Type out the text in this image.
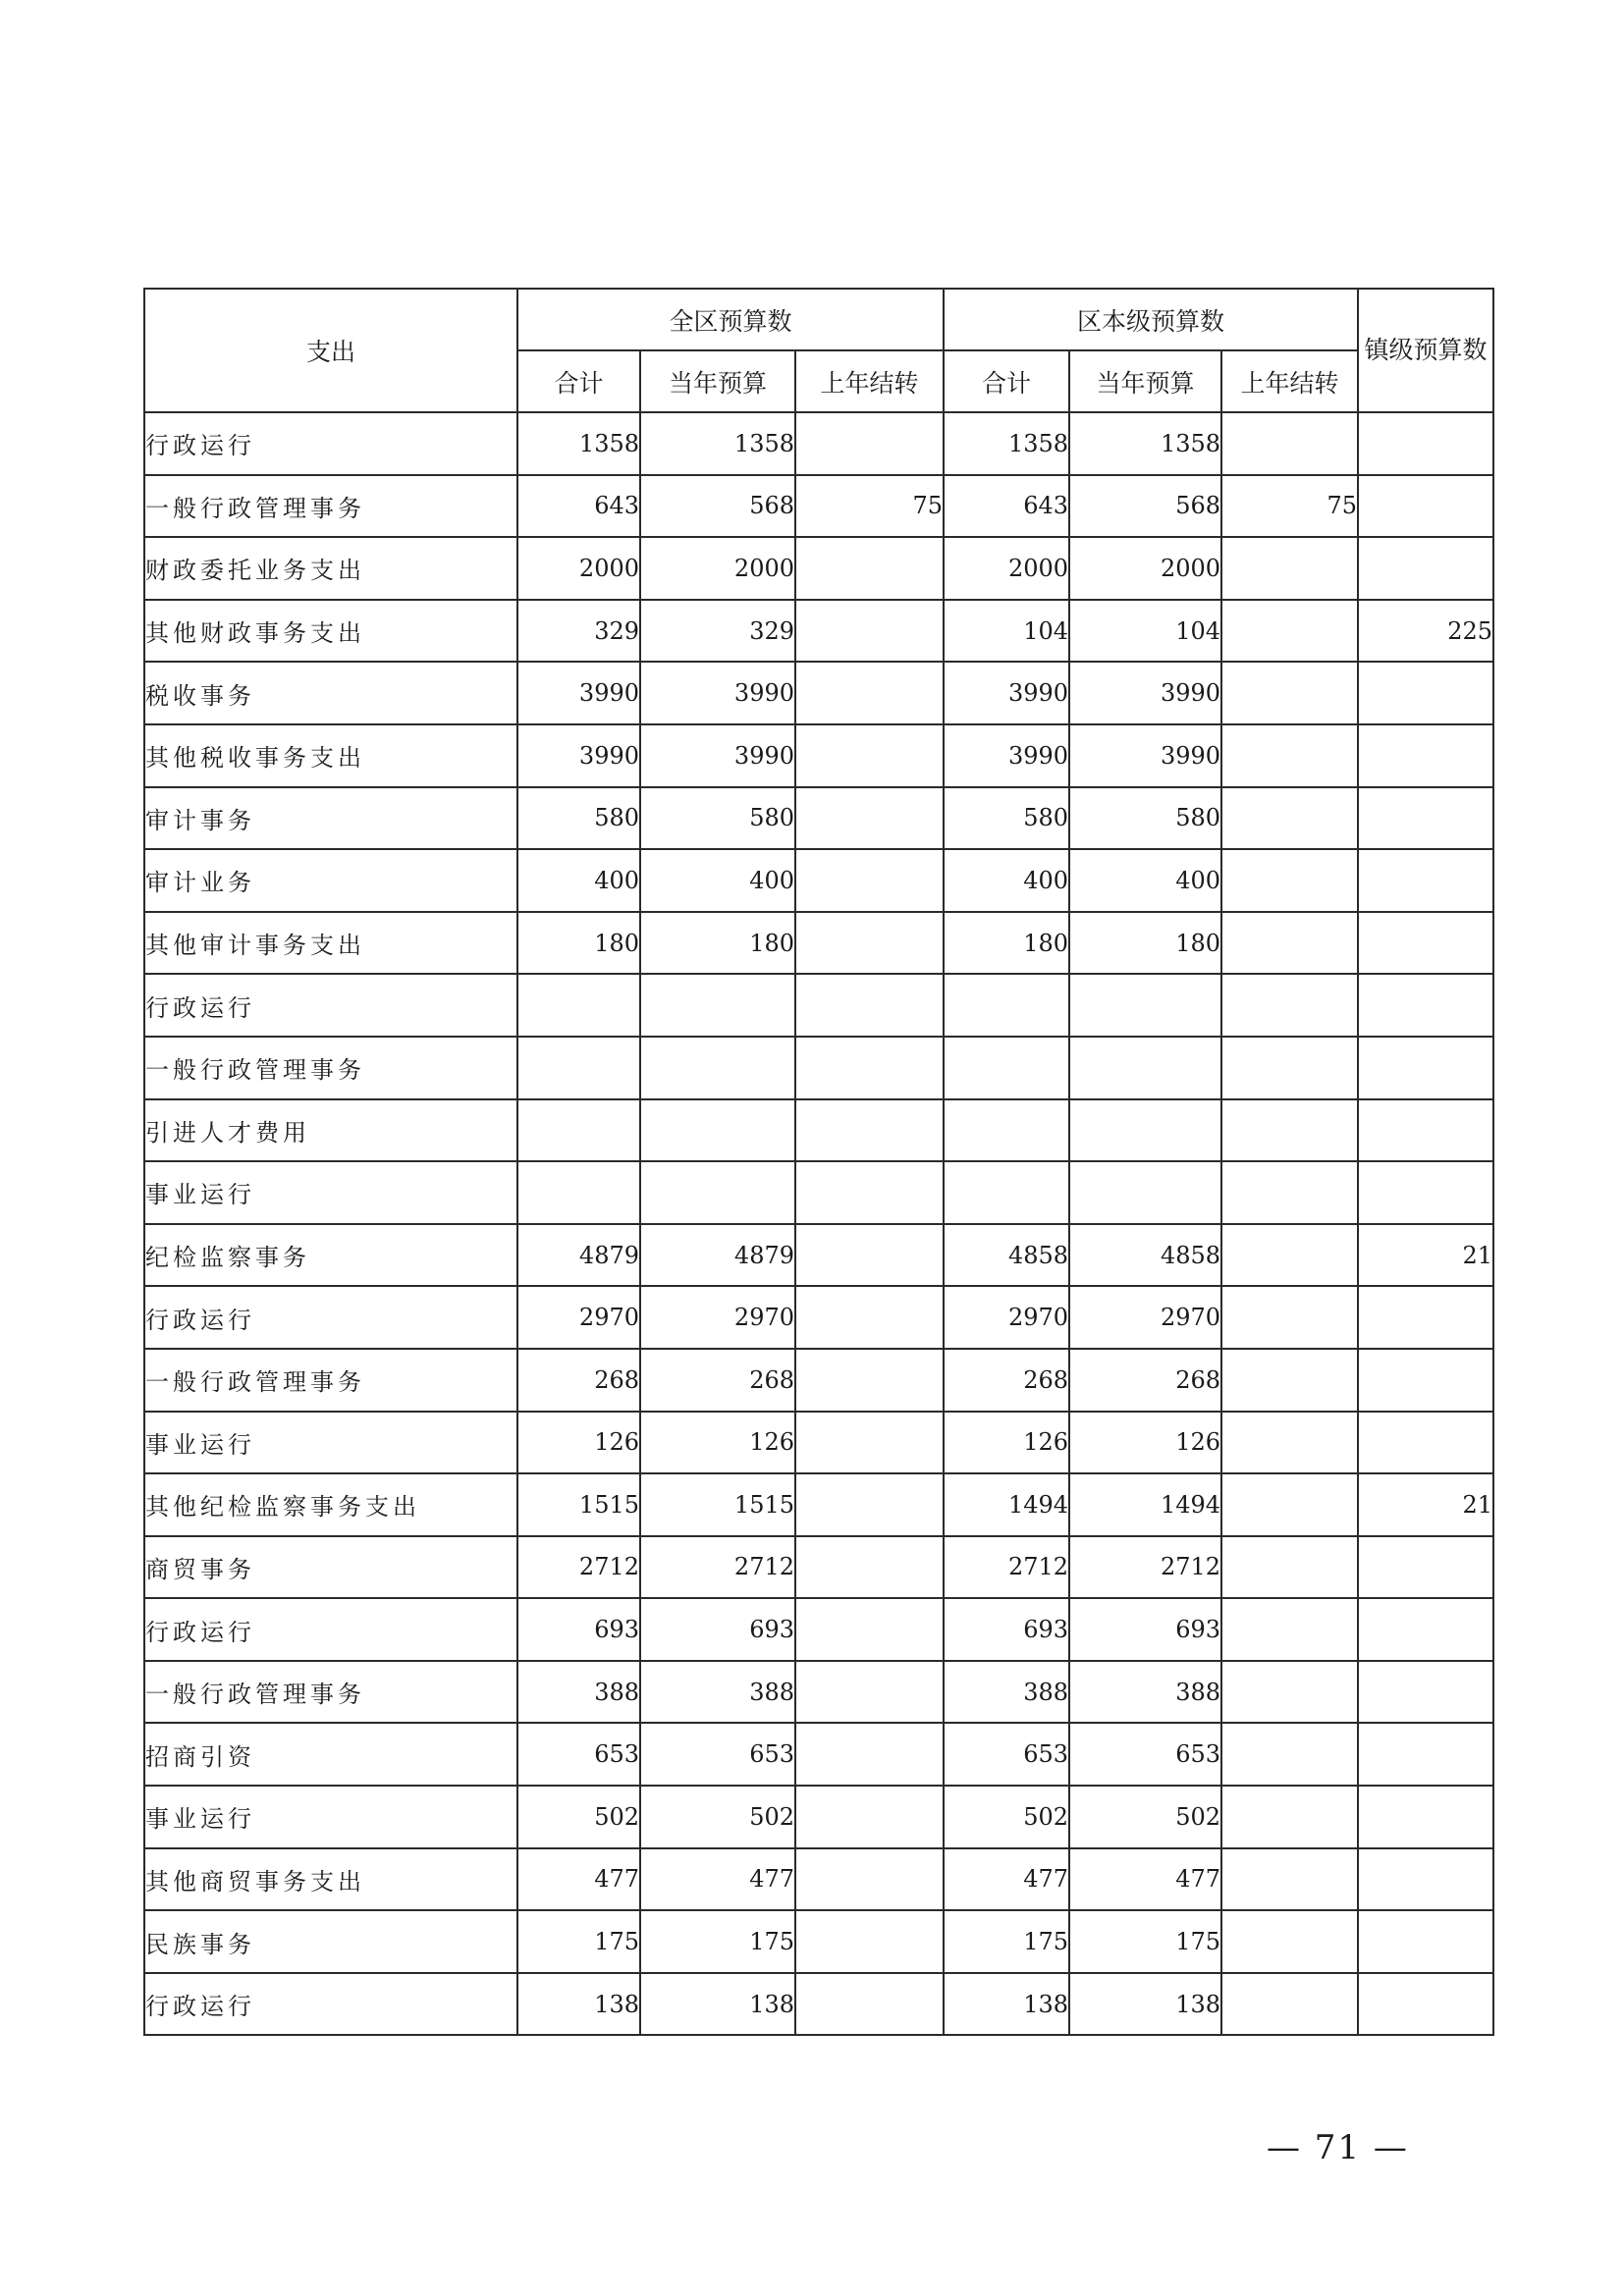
支出	全区预算数			区本级预算数			镇级预算数
	合计	当年预算	上年结转	合计	当年预算	上年结转	
行政运行	1358	1358		1358	1358		
一般行政管理事务	643	568	75	643	568	75	
财政委托业务支出	2000	2000		2000	2000		
其他财政事务支出	329	329		104	104		225
税收事务	3990	3990		3990	3990		
其他税收事务支出	3990	3990		3990	3990		
审计事务	580	580		580	580		
审计业务	400	400		400	400		
其他审计事务支出	180	180		180	180		
行政运行							
一般行政管理事务							
引进人才费用							
事业运行							
纪检监察事务	4879	4879		4858	4858		21
行政运行	2970	2970		2970	2970		
一般行政管理事务	268	268		268	268		
事业运行	126	126		126	126		
其他纪检监察事务支出	1515	1515		1494	1494		21
商贸事务	2712	2712		2712	2712		
行政运行	693	693		693	693		
一般行政管理事务	388	388		388	388		
招商引资	653	653		653	653		
事业运行	502	502		502	502		
其他商贸事务支出	477	477		477	477		
民族事务	175	175		175	175		
行政运行	138	138		138	138		
— 71 —
